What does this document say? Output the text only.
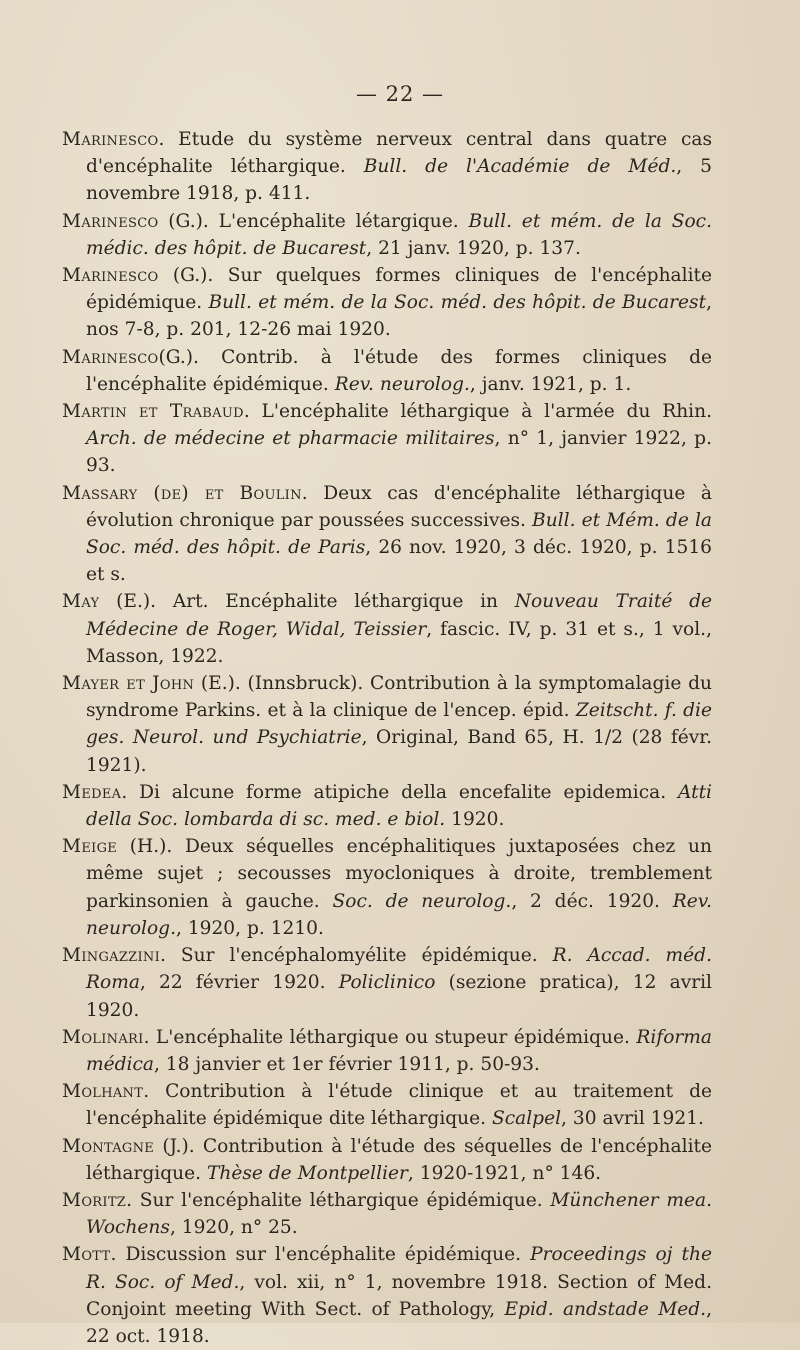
— 22 —
Marinesco. Etude du système nerveux central dans quatre cas d'encéphalite léthargique. Bull. de l'Académie de Méd., 5 novembre 1918, p. 411.
Marinesco (G.). L'encéphalite létargique. Bull. et mém. de la Soc. médic. des hôpit. de Bucarest, 21 janv. 1920, p. 137.
Marinesco (G.). Sur quelques formes cliniques de l'encéphalite épidémique. Bull. et mém. de la Soc. méd. des hôpit. de Bucarest, nos 7-8, p. 201, 12-26 mai 1920.
Marinesco(G.). Contrib. à l'étude des formes cliniques de l'encéphalite épidémique. Rev. neurolog., janv. 1921, p. 1.
Martin et Trabaud. L'encéphalite léthargique à l'armée du Rhin. Arch. de médecine et pharmacie militaires, n° 1, janvier 1922, p. 93.
Massary (de) et Boulin. Deux cas d'encéphalite léthargique à évolution chronique par poussées successives. Bull. et Mém. de la Soc. méd. des hôpit. de Paris, 26 nov. 1920, 3 déc. 1920, p. 1516 et s.
May (E.). Art. Encéphalite léthargique in Nouveau Traité de Médecine de Roger, Widal, Teissier, fascic. IV, p. 31 et s., 1 vol., Masson, 1922.
Mayer et John (E.). (Innsbruck). Contribution à la symptomalagie du syndrome Parkins. et à la clinique de l'encep. épid. Zeitscht. f. die ges. Neurol. und Psychiatrie, Original, Band 65, H. 1/2 (28 févr. 1921).
Medea. Di alcune forme atipiche della encefalite epidemica. Atti della Soc. lombarda di sc. med. e biol. 1920.
Meige (H.). Deux séquelles encéphalitiques juxtaposées chez un même sujet ; secousses myocloniques à droite, tremblement parkinsonien à gauche. Soc. de neurolog., 2 déc. 1920. Rev. neurolog., 1920, p. 1210.
Mingazzini. Sur l'encéphalomyélite épidémique. R. Accad. méd. Roma, 22 février 1920. Policlinico (sezione pratica), 12 avril 1920.
Molinari. L'encéphalite léthargique ou stupeur épidémique. Riforma médica, 18 janvier et 1er février 1911, p. 50-93.
Molhant. Contribution à l'étude clinique et au traitement de l'encéphalite épidémique dite léthargique. Scalpel, 30 avril 1921.
Montagne (J.). Contribution à l'étude des séquelles de l'encéphalite léthargique. Thèse de Montpellier, 1920-1921, n° 146.
Moritz. Sur l'encéphalite léthargique épidémique. Münchener mea. Wochens, 1920, n° 25.
Mott. Discussion sur l'encéphalite épidémique. Proceedings oj the R. Soc. of Med., vol. xii, n° 1, novembre 1918. Section of Med. Conjoint meeting With Sect. of Pathology, Epid. andstade Med., 22 oct. 1918.
